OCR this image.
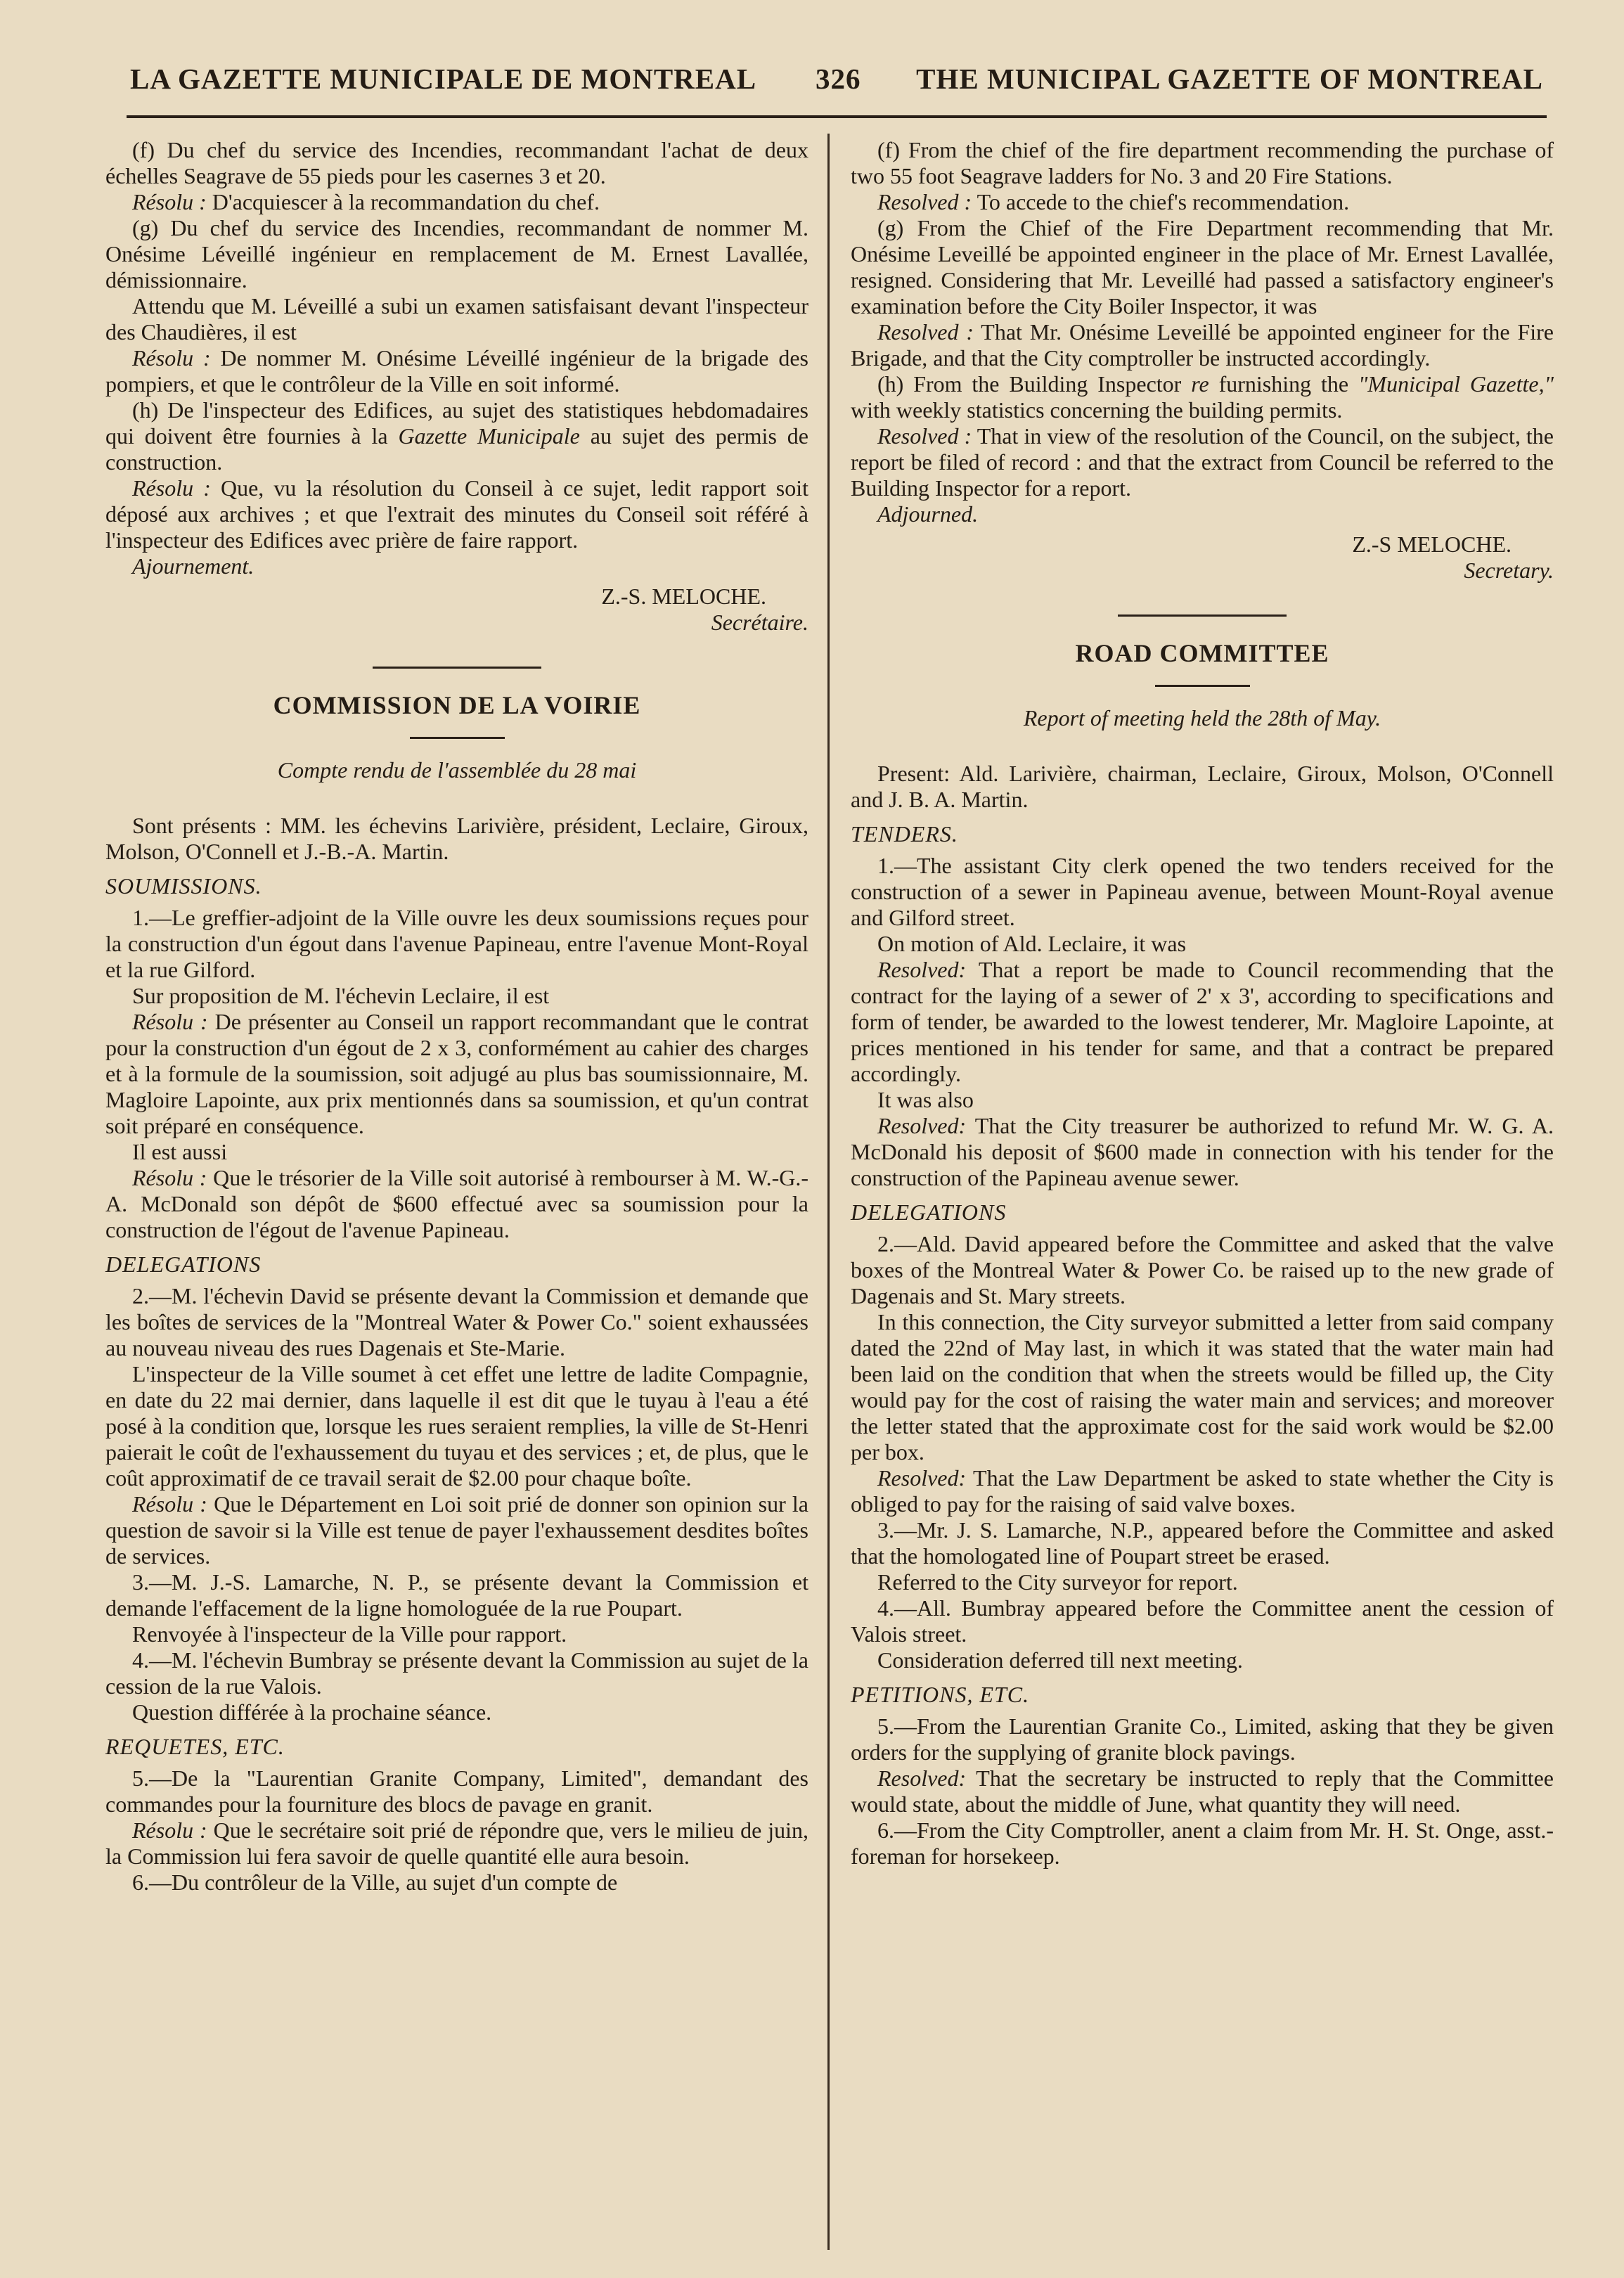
LA GAZETTE MUNICIPALE DE MONTREAL 326 THE MUNICIPAL GAZETTE OF MONTREAL

(f) Du chef du service des Incendies, recommandant l'achat de deux échelles Seagrave de 55 pieds pour les casernes 3 et 20.

Résolu : D'acquiescer à la recommandation du chef.

(g) Du chef du service des Incendies, recommandant de nommer M. Onésime Léveillé ingénieur en remplacement de M. Ernest Lavallée, démissionnaire.

Attendu que M. Léveillé a subi un examen satisfaisant devant l'inspecteur des Chaudières, il est

Résolu : De nommer M. Onésime Léveillé ingénieur de la brigade des pompiers, et que le contrôleur de la Ville en soit informé.

(h) De l'inspecteur des Edifices, au sujet des statistiques hebdomadaires qui doivent être fournies à la Gazette Municipale au sujet des permis de construction.

Résolu : Que, vu la résolution du Conseil à ce sujet, ledit rapport soit déposé aux archives ; et que l'extrait des minutes du Conseil soit référé à l'inspecteur des Edifices avec prière de faire rapport.

Ajournement.

Z.-S. MELOCHE.

Secrétaire.

COMMISSION DE LA VOIRIE

Compte rendu de l'assemblée du 28 mai

Sont présents : MM. les échevins Larivière, président, Leclaire, Giroux, Molson, O'Connell et J.-B.-A. Martin.

SOUMISSIONS.

1.—Le greffier-adjoint de la Ville ouvre les deux soumissions reçues pour la construction d'un égout dans l'avenue Papineau, entre l'avenue Mont-Royal et la rue Gilford.

Sur proposition de M. l'échevin Leclaire, il est

Résolu : De présenter au Conseil un rapport recommandant que le contrat pour la construction d'un égout de 2 x 3, conformément au cahier des charges et à la formule de la soumission, soit adjugé au plus bas soumissionnaire, M. Magloire Lapointe, aux prix mentionnés dans sa soumission, et qu'un contrat soit préparé en conséquence.

Il est aussi

Résolu : Que le trésorier de la Ville soit autorisé à rembourser à M. W.-G.-A. McDonald son dépôt de $600 effectué avec sa soumission pour la construction de l'égout de l'avenue Papineau.

DELEGATIONS

2.—M. l'échevin David se présente devant la Commission et demande que les boîtes de services de la "Montreal Water & Power Co." soient exhaussées au nouveau niveau des rues Dagenais et Ste-Marie.

L'inspecteur de la Ville soumet à cet effet une lettre de ladite Compagnie, en date du 22 mai dernier, dans laquelle il est dit que le tuyau à l'eau a été posé à la condition que, lorsque les rues seraient remplies, la ville de St-Henri paierait le coût de l'exhaussement du tuyau et des services ; et, de plus, que le coût approximatif de ce travail serait de $2.00 pour chaque boîte.

Résolu : Que le Département en Loi soit prié de donner son opinion sur la question de savoir si la Ville est tenue de payer l'exhaussement desdites boîtes de services.

3.—M. J.-S. Lamarche, N. P., se présente devant la Commission et demande l'effacement de la ligne homologuée de la rue Poupart.

Renvoyée à l'inspecteur de la Ville pour rapport.

4.—M. l'échevin Bumbray se présente devant la Commission au sujet de la cession de la rue Valois.

Question différée à la prochaine séance.

REQUETES, ETC.

5.—De la "Laurentian Granite Company, Limited", demandant des commandes pour la fourniture des blocs de pavage en granit.

Résolu : Que le secrétaire soit prié de répondre que, vers le milieu de juin, la Commission lui fera savoir de quelle quantité elle aura besoin.

6.—Du contrôleur de la Ville, au sujet d'un compte de

(f) From the chief of the fire department recommending the purchase of two 55 foot Seagrave ladders for No. 3 and 20 Fire Stations.

Resolved : To accede to the chief's recommendation.

(g) From the Chief of the Fire Department recommending that Mr. Onésime Leveillé be appointed engineer in the place of Mr. Ernest Lavallée, resigned. Considering that Mr. Leveillé had passed a satisfactory engineer's examination before the City Boiler Inspector, it was

Resolved : That Mr. Onésime Leveillé be appointed engineer for the Fire Brigade, and that the City comptroller be instructed accordingly.

(h) From the Building Inspector re furnishing the "Municipal Gazette," with weekly statistics concerning the building permits.

Resolved : That in view of the resolution of the Council, on the subject, the report be filed of record : and that the extract from Council be referred to the Building Inspector for a report.

Adjourned.

Z.-S MELOCHE.

Secretary.

ROAD COMMITTEE

Report of meeting held the 28th of May.

Present: Ald. Larivière, chairman, Leclaire, Giroux, Molson, O'Connell and J. B. A. Martin.

TENDERS.

1.—The assistant City clerk opened the two tenders received for the construction of a sewer in Papineau avenue, between Mount-Royal avenue and Gilford street.

On motion of Ald. Leclaire, it was

Resolved: That a report be made to Council recommending that the contract for the laying of a sewer of 2' x 3', according to specifications and form of tender, be awarded to the lowest tenderer, Mr. Magloire Lapointe, at prices mentioned in his tender for same, and that a contract be prepared accordingly.

It was also

Resolved: That the City treasurer be authorized to refund Mr. W. G. A. McDonald his deposit of $600 made in connection with his tender for the construction of the Papineau avenue sewer.

DELEGATIONS

2.—Ald. David appeared before the Committee and asked that the valve boxes of the Montreal Water & Power Co. be raised up to the new grade of Dagenais and St. Mary streets.

In this connection, the City surveyor submitted a letter from said company dated the 22nd of May last, in which it was stated that the water main had been laid on the condition that when the streets would be filled up, the City would pay for the cost of raising the water main and services; and moreover the letter stated that the approximate cost for the said work would be $2.00 per box.

Resolved: That the Law Department be asked to state whether the City is obliged to pay for the raising of said valve boxes.

3.—Mr. J. S. Lamarche, N.P., appeared before the Committee and asked that the homologated line of Poupart street be erased.

Referred to the City surveyor for report.

4.—All. Bumbray appeared before the Committee anent the cession of Valois street.

Consideration deferred till next meeting.

PETITIONS, ETC.

5.—From the Laurentian Granite Co., Limited, asking that they be given orders for the supplying of granite block pavings.

Resolved: That the secretary be instructed to reply that the Committee would state, about the middle of June, what quantity they will need.

6.—From the City Comptroller, anent a claim from Mr. H. St. Onge, asst.-foreman for horsekeep.
